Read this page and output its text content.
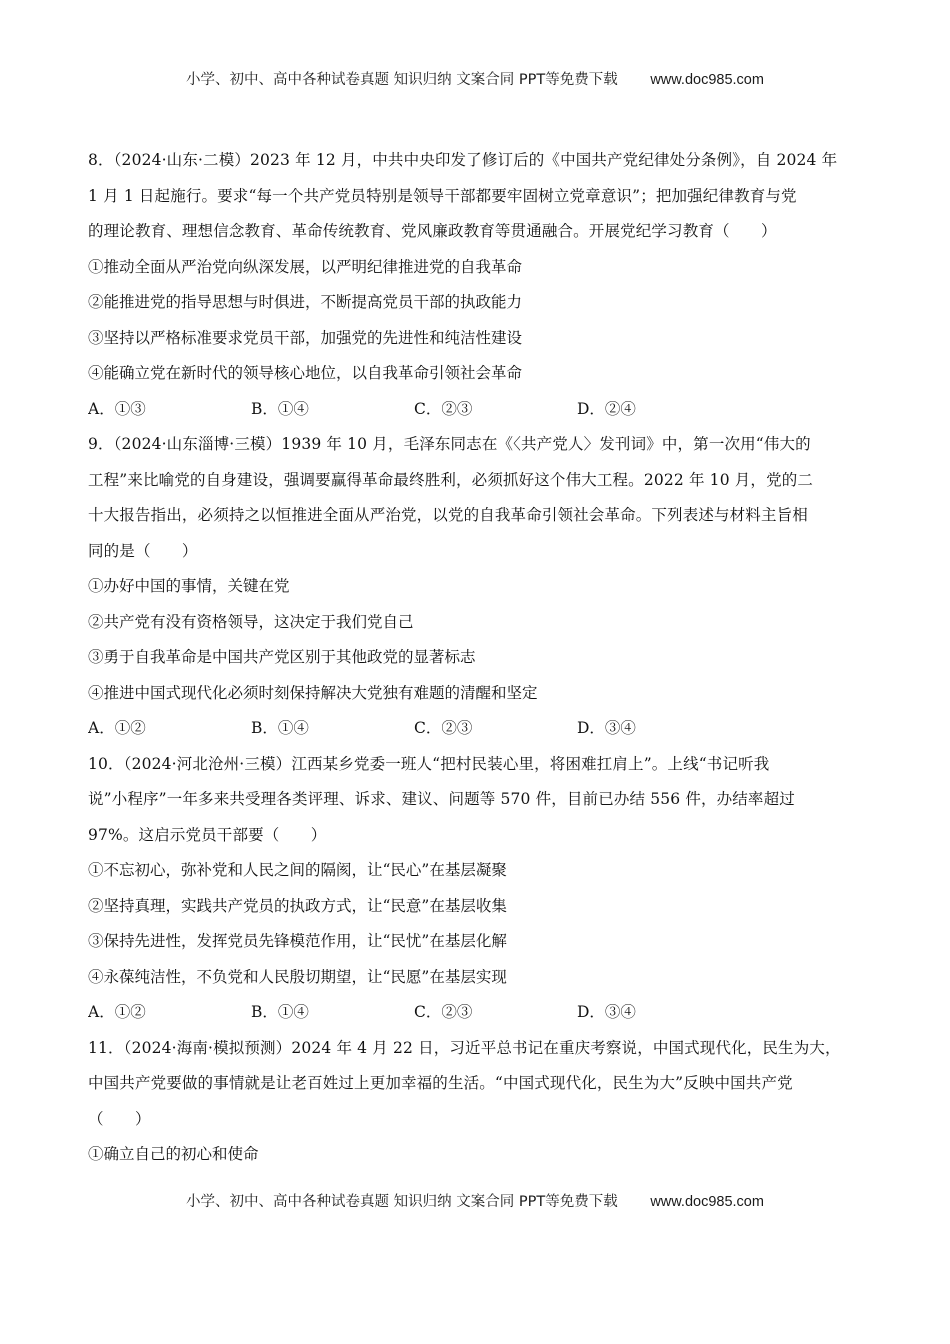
小学、初中、高中各种试卷真题 知识归纳 文案合同 PPT等免费下载 www.doc985.com
8．（2024·山东·二模）2023 年 12 月，中共中央印发了修订后的《中国共产党纪律处分条例》，自 2024 年
1 月 1 日起施行。要求“每一个共产党员特别是领导干部都要牢固树立党章意识”；把加强纪律教育与党
的理论教育、理想信念教育、革命传统教育、党风廉政教育等贯通融合。开展党纪学习教育（　　）
①推动全面从严治党向纵深发展，以严明纪律推进党的自我革命
②能推进党的指导思想与时俱进，不断提高党员干部的执政能力
③坚持以严格标准要求党员干部，加强党的先进性和纯洁性建设
④能确立党在新时代的领导核心地位，以自我革命引领社会革命
A．①③	B．①④	C．②③	D．②④
9．（2024·山东淄博·三模）1939 年 10 月，毛泽东同志在《〈共产党人〉发刊词》中，第一次用“伟大的
工程”来比喻党的自身建设，强调要赢得革命最终胜利，必须抓好这个伟大工程。2022 年 10 月，党的二
十大报告指出，必须持之以恒推进全面从严治党，以党的自我革命引领社会革命。下列表述与材料主旨相
同的是（　　）
①办好中国的事情，关键在党
②共产党有没有资格领导，这决定于我们党自己
③勇于自我革命是中国共产党区别于其他政党的显著标志
④推进中国式现代化必须时刻保持解决大党独有难题的清醒和坚定
A．①②	B．①④	C．②③	D．③④
10．（2024·河北沧州·三模）江西某乡党委一班人“把村民装心里，将困难扛肩上”。上线“书记听我
说”小程序”一年多来共受理各类评理、诉求、建议、问题等 570 件，目前已办结 556 件，办结率超过
97%。这启示党员干部要（　　）
①不忘初心，弥补党和人民之间的隔阂，让“民心”在基层凝聚
②坚持真理，实践共产党员的执政方式，让“民意”在基层收集
③保持先进性，发挥党员先锋模范作用，让“民忧”在基层化解
④永葆纯洁性，不负党和人民殷切期望，让“民愿”在基层实现
A．①②	B．①④	C．②③	D．③④
11．（2024·海南·模拟预测）2024 年 4 月 22 日，习近平总书记在重庆考察说，中国式现代化，民生为大，
中国共产党要做的事情就是让老百姓过上更加幸福的生活。“中国式现代化，民生为大”反映中国共产党
（　　）
①确立自己的初心和使命
小学、初中、高中各种试卷真题 知识归纳 文案合同 PPT等免费下载 www.doc985.com
